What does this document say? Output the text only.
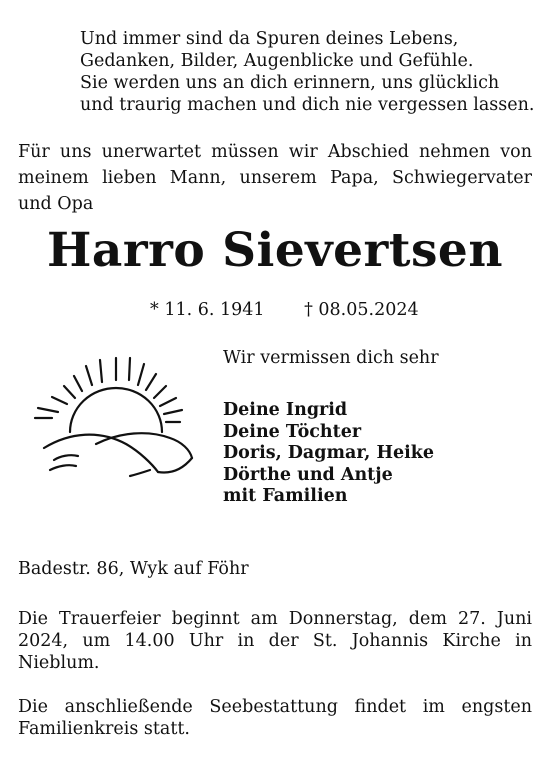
Und immer sind da Spuren deines Lebens,
Gedanken, Bilder, Augenblicke und Gefühle.
Sie werden uns an dich erinnern, uns glücklich
und traurig machen und dich nie vergessen lassen.
Für uns unerwartet müssen wir Abschied nehmen von meinem lieben Mann, unserem Papa, Schwiegervater und Opa
Harro Sievertsen
* 11. 6. 1941 † 08.05.2024
Wir vermissen dich sehr
Deine Ingrid
Deine Töchter
Doris, Dagmar, Heike
Dörthe und Antje
mit Familien
Badestr. 86, Wyk auf Föhr
Die Trauerfeier beginnt am Donnerstag, dem 27. Juni 2024, um 14.00 Uhr in der St. Johannis Kirche in Nieblum.
Die anschließende Seebestattung findet im engsten Familienkreis statt.
